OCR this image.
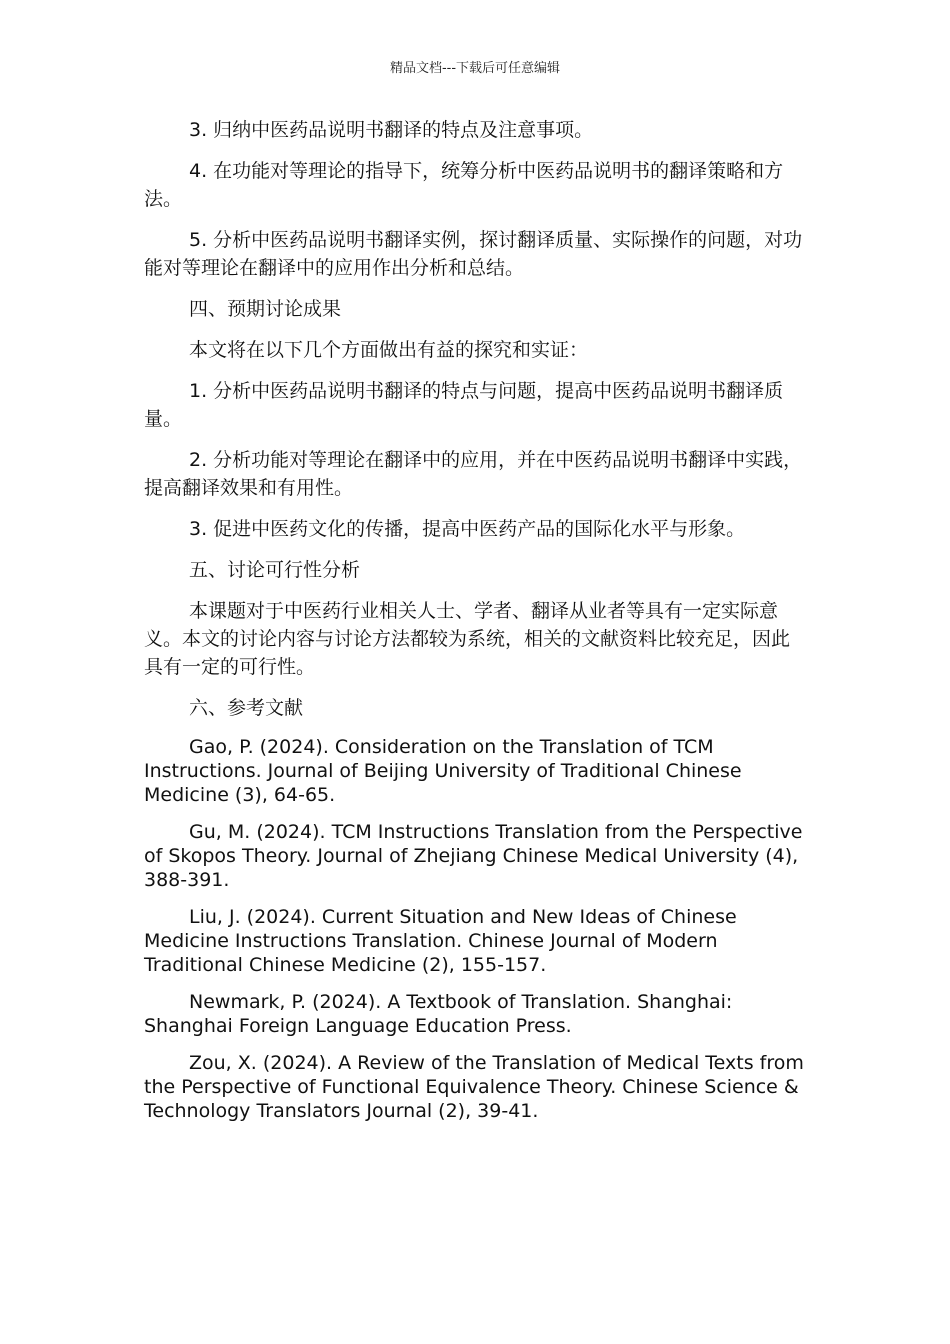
精品文档---下载后可任意编辑

3. 归纳中医药品说明书翻译的特点及注意事项。

4. 在功能对等理论的指导下，统筹分析中医药品说明书的翻译策略和方法。

5. 分析中医药品说明书翻译实例，探讨翻译质量、实际操作的问题，对功能对等理论在翻译中的应用作出分析和总结。

四、预期讨论成果

本文将在以下几个方面做出有益的探究和实证：

1. 分析中医药品说明书翻译的特点与问题，提高中医药品说明书翻译质量。

2. 分析功能对等理论在翻译中的应用，并在中医药品说明书翻译中实践，提高翻译效果和有用性。

3. 促进中医药文化的传播，提高中医药产品的国际化水平与形象。

五、讨论可行性分析

本课题对于中医药行业相关人士、学者、翻译从业者等具有一定实际意义。本文的讨论内容与讨论方法都较为系统，相关的文献资料比较充足，因此具有一定的可行性。

六、参考文献

Gao, P. (2024). Consideration on the Translation of TCM Instructions. Journal of Beijing University of Traditional Chinese Medicine (3), 64-65.

Gu, M. (2024). TCM Instructions Translation from the Perspective of Skopos Theory. Journal of Zhejiang Chinese Medical University (4), 388-391.

Liu, J. (2024). Current Situation and New Ideas of Chinese Medicine Instructions Translation. Chinese Journal of Modern Traditional Chinese Medicine (2), 155-157.

Newmark, P. (2024). A Textbook of Translation. Shanghai: Shanghai Foreign Language Education Press.

Zou, X. (2024). A Review of the Translation of Medical Texts from the Perspective of Functional Equivalence Theory. Chinese Science & Technology Translators Journal (2), 39-41.
